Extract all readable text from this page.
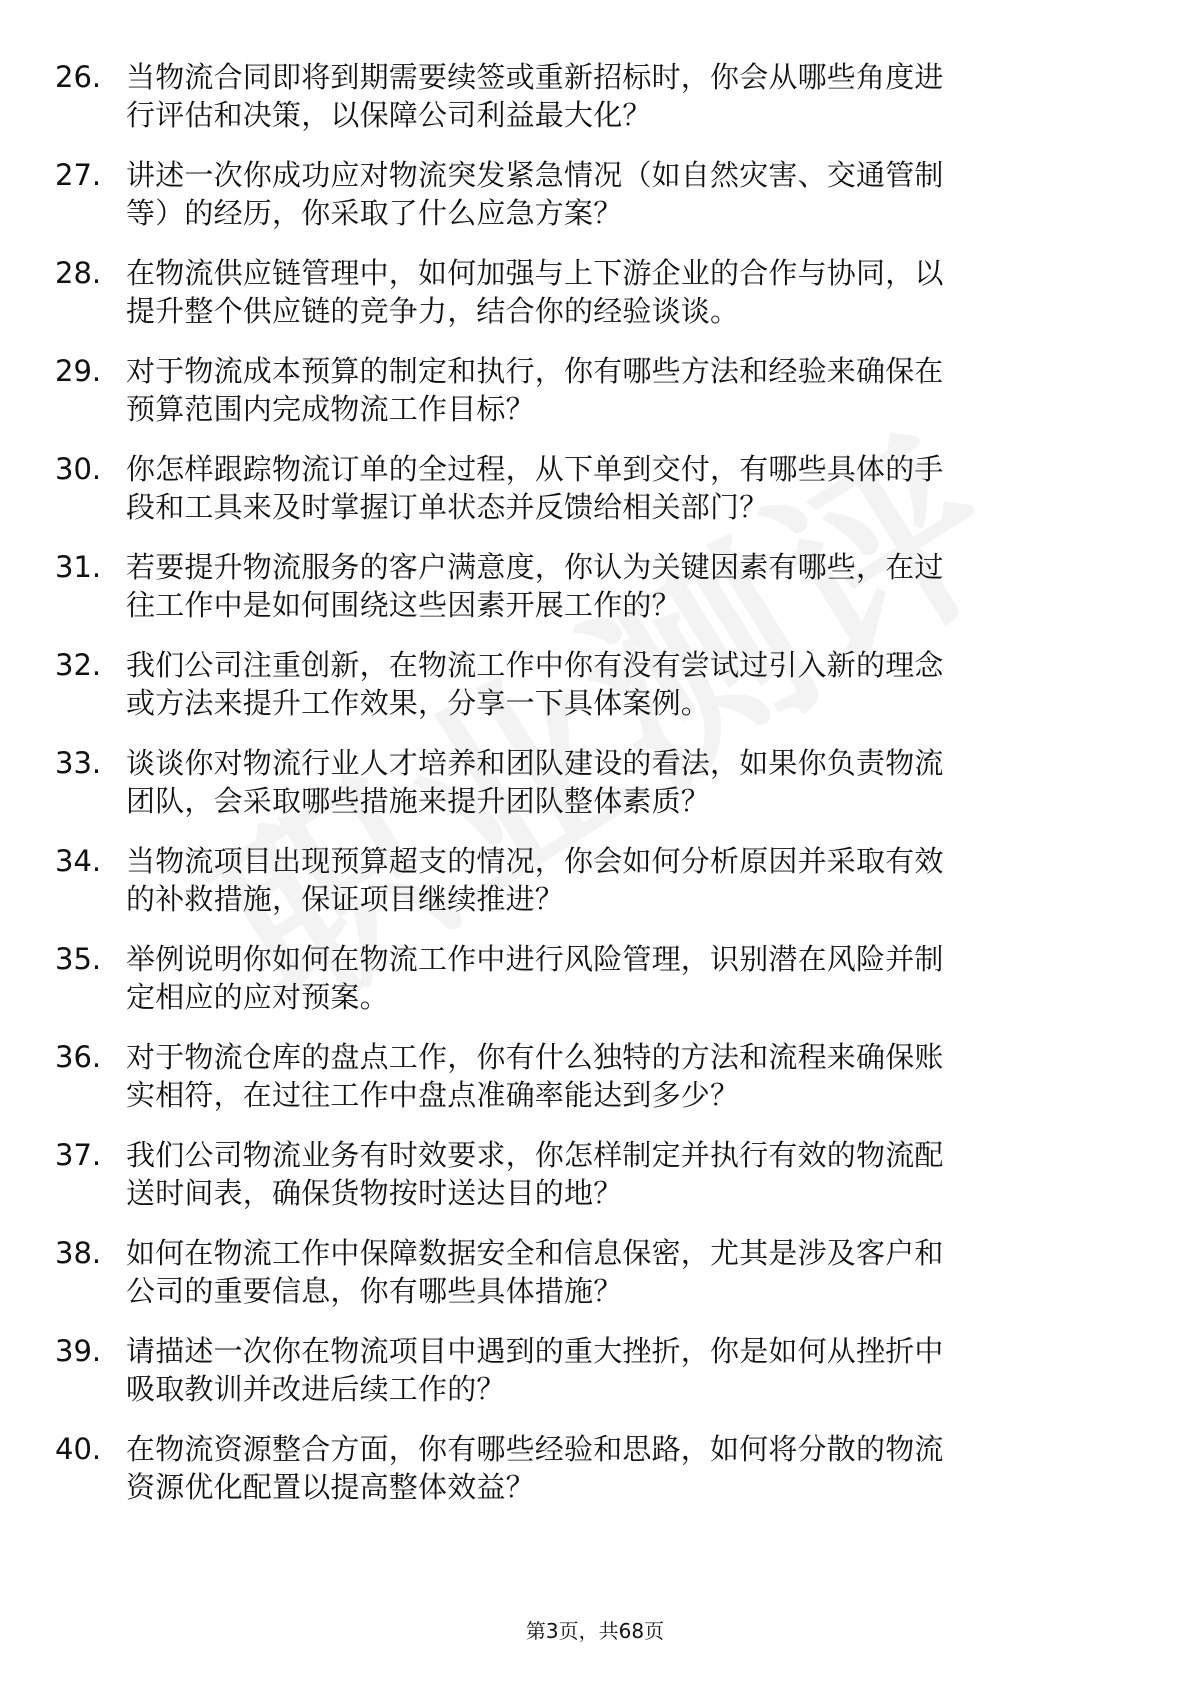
26. 当物流合同即将到期需要续签或重新招标时，你会从哪些角度进
行评估和决策，以保障公司利益最大化？
27. 讲述一次你成功应对物流突发紧急情况（如自然灾害、交通管制
等）的经历，你采取了什么应急方案？
28. 在物流供应链管理中，如何加强与上下游企业的合作与协同，以
提升整个供应链的竞争力，结合你的经验谈谈。
29. 对于物流成本预算的制定和执行，你有哪些方法和经验来确保在
预算范围内完成物流工作目标？
30. 你怎样跟踪物流订单的全过程，从下单到交付，有哪些具体的手
段和工具来及时掌握订单状态并反馈给相关部门？
31. 若要提升物流服务的客户满意度，你认为关键因素有哪些，在过
往工作中是如何围绕这些因素开展工作的？
32. 我们公司注重创新，在物流工作中你有没有尝试过引入新的理念
或方法来提升工作效果，分享一下具体案例。
33. 谈谈你对物流行业人才培养和团队建设的看法，如果你负责物流
团队，会采取哪些措施来提升团队整体素质？
34. 当物流项目出现预算超支的情况，你会如何分析原因并采取有效
的补救措施，保证项目继续推进？
35. 举例说明你如何在物流工作中进行风险管理，识别潜在风险并制
定相应的应对预案。
36. 对于物流仓库的盘点工作，你有什么独特的方法和流程来确保账
实相符，在过往工作中盘点准确率能达到多少？
37. 我们公司物流业务有时效要求，你怎样制定并执行有效的物流配
送时间表，确保货物按时送达目的地？
38. 如何在物流工作中保障数据安全和信息保密，尤其是涉及客户和
公司的重要信息，你有哪些具体措施？
39. 请描述一次你在物流项目中遇到的重大挫折，你是如何从挫折中
吸取教训并改进后续工作的？
40. 在物流资源整合方面，你有哪些经验和思路，如何将分散的物流
资源优化配置以提高整体效益？
第3页，共68页
